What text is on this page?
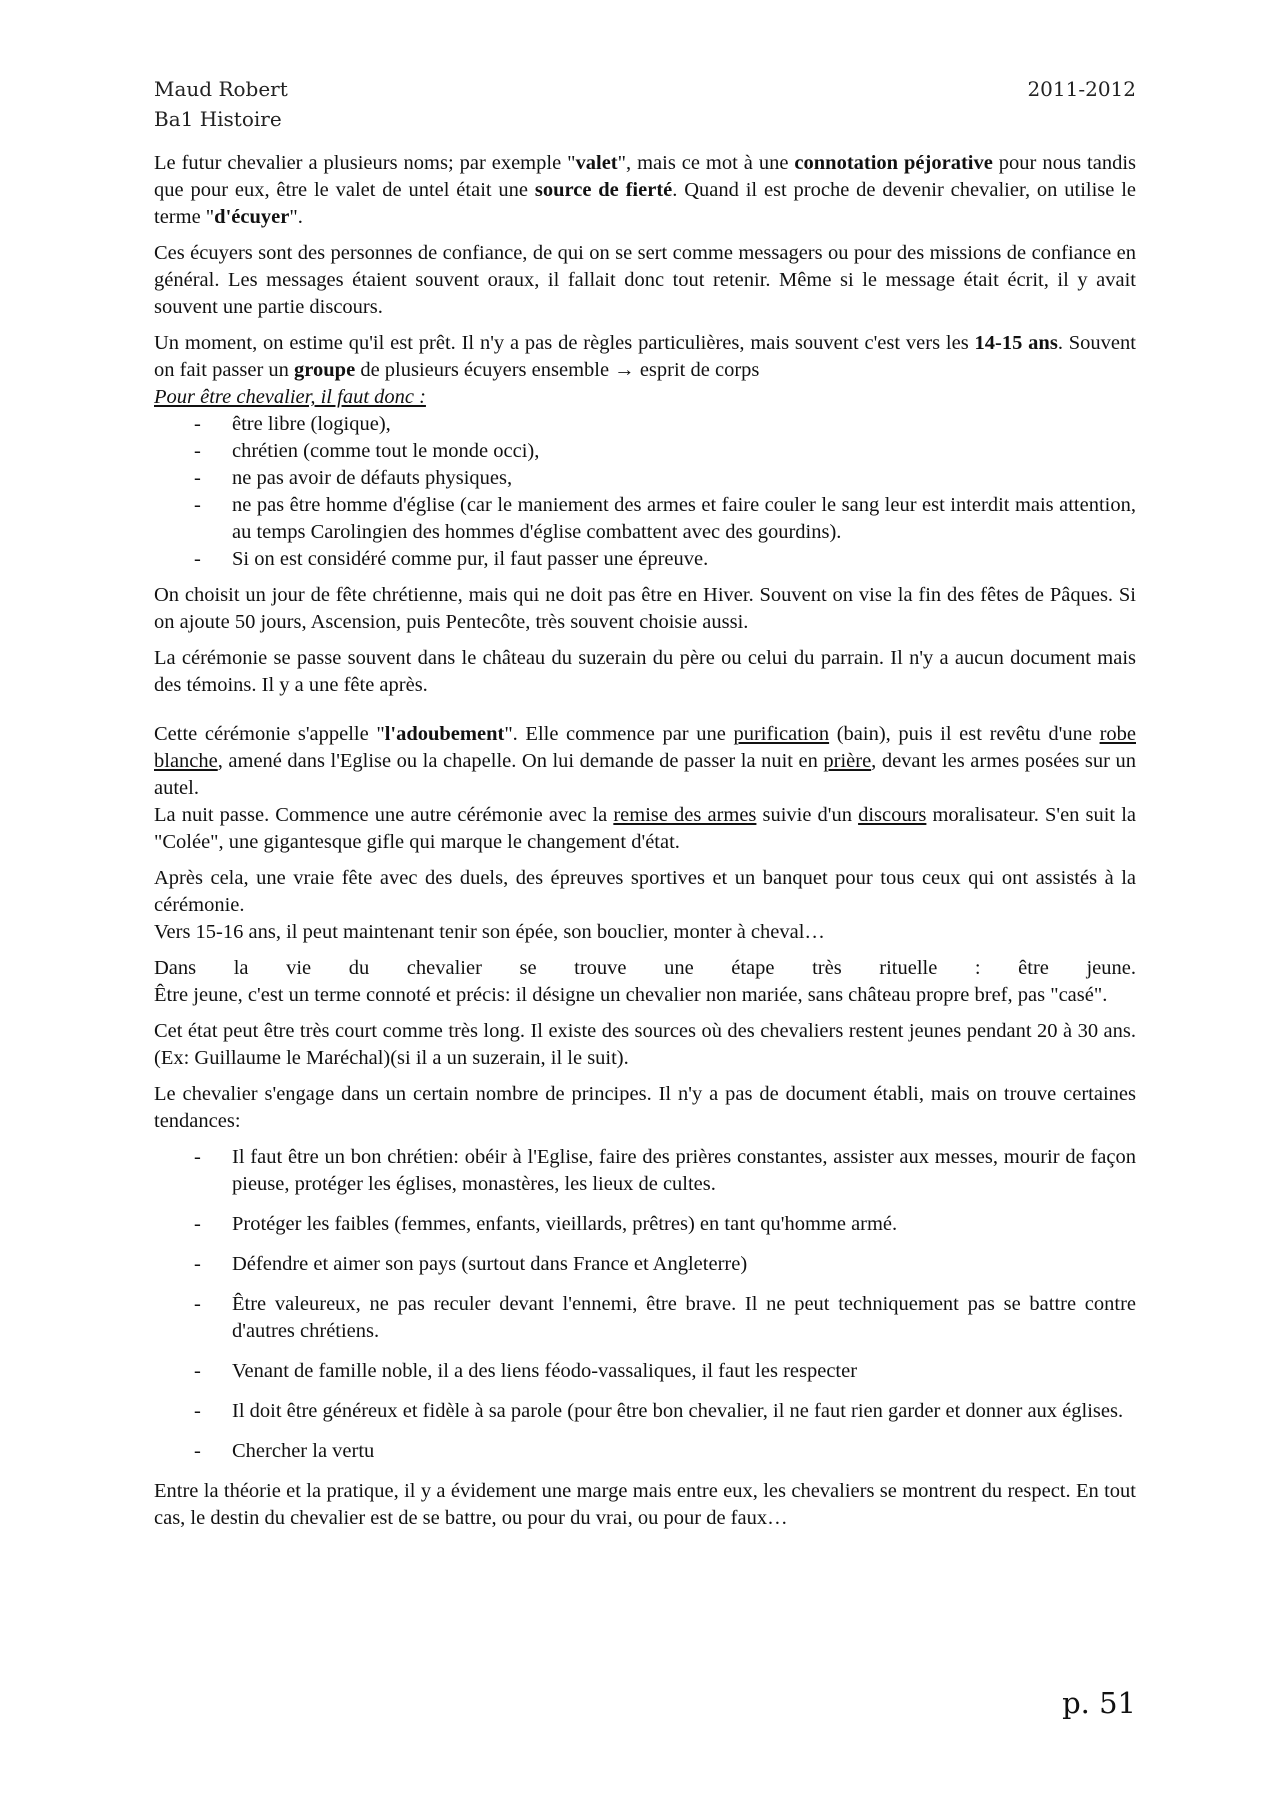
Maud Robert
Ba1 Histoire
2011-2012

Le futur chevalier a plusieurs noms; par exemple "valet", mais ce mot à une connotation péjorative pour nous tandis que pour eux, être le valet de untel était une source de fierté. Quand il est proche de devenir chevalier, on utilise le terme "d'écuyer".

Ces écuyers sont des personnes de confiance, de qui on se sert comme messagers ou pour des missions de confiance en général. Les messages étaient souvent oraux, il fallait donc tout retenir. Même si le message était écrit, il y avait souvent une partie discours.

Un moment, on estime qu'il est prêt. Il n'y a pas de règles particulières, mais souvent c'est vers les 14-15 ans. Souvent on fait passer un groupe de plusieurs écuyers ensemble → esprit de corps
Pour être chevalier, il faut donc :

- être libre (logique),
- chrétien (comme tout le monde occi),
- ne pas avoir de défauts physiques,
- ne pas être homme d'église (car le maniement des armes et faire couler le sang leur est interdit mais attention, au temps Carolingien des hommes d'église combattent avec des gourdins).
- Si on est considéré comme pur, il faut passer une épreuve.

On choisit un jour de fête chrétienne, mais qui ne doit pas être en Hiver. Souvent on vise la fin des fêtes de Pâques. Si on ajoute 50 jours, Ascension, puis Pentecôte, très souvent choisie aussi.

La cérémonie se passe souvent dans le château du suzerain du père ou celui du parrain. Il n'y a aucun document mais des témoins. Il y a une fête après.

Cette cérémonie s'appelle "l'adoubement". Elle commence par une purification (bain), puis il est revêtu d'une robe blanche, amené dans l'Eglise ou la chapelle. On lui demande de passer la nuit en prière, devant les armes posées sur un autel.
La nuit passe. Commence une autre cérémonie avec la remise des armes suivie d'un discours moralisateur. S'en suit la "Colée", une gigantesque gifle qui marque le changement d'état.

Après cela, une vraie fête avec des duels, des épreuves sportives et un banquet pour tous ceux qui ont assistés à la cérémonie.

Vers 15-16 ans, il peut maintenant tenir son épée, son bouclier, monter à cheval…

Dans la vie du chevalier se trouve une étape très rituelle : être jeune.

Être jeune, c'est un terme connoté et précis: il désigne un chevalier non mariée, sans château propre bref, pas "casé".

Cet état peut être très court comme très long. Il existe des sources où des chevaliers restent jeunes pendant 20 à 30 ans. (Ex: Guillaume le Maréchal)(si il a un suzerain, il le suit).

Le chevalier s'engage dans un certain nombre de principes. Il n'y a pas de document établi, mais on trouve certaines tendances:

- Il faut être un bon chrétien: obéir à l'Eglise, faire des prières constantes, assister aux messes, mourir de façon pieuse, protéger les églises, monastères, les lieux de cultes.
- Protéger les faibles (femmes, enfants, vieillards, prêtres) en tant qu'homme armé.
- Défendre et aimer son pays (surtout dans France et Angleterre)
- Être valeureux, ne pas reculer devant l'ennemi, être brave. Il ne peut techniquement pas se battre contre d'autres chrétiens.
- Venant de famille noble, il a des liens féodo-vassaliques, il faut les respecter
- Il doit être généreux et fidèle à sa parole (pour être bon chevalier, il ne faut rien garder et donner aux églises.
- Chercher la vertu

Entre la théorie et la pratique, il y a évidement une marge mais entre eux, les chevaliers se montrent du respect. En tout cas, le destin du chevalier est de se battre, ou pour du vrai, ou pour de faux…

p. 51
